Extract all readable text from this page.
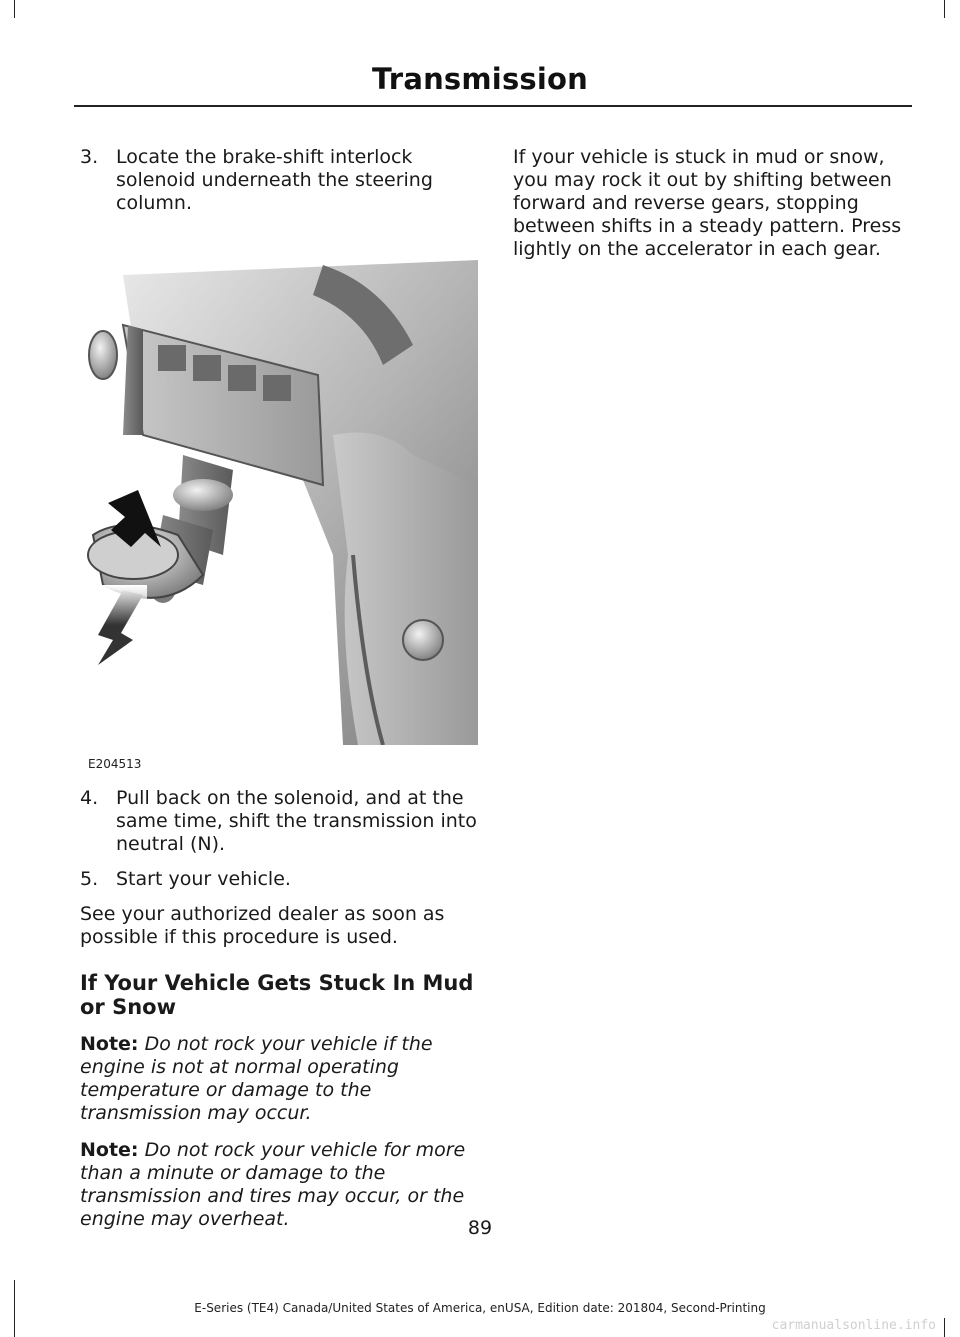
Transmission
3. Locate the brake-shift interlock solenoid underneath the steering column.
E204513
4. Pull back on the solenoid, and at the same time, shift the transmission into neutral (N).
5. Start your vehicle.

See your authorized dealer as soon as possible if this procedure is used.

If Your Vehicle Gets Stuck In Mud or Snow
Note: Do not rock your vehicle if the engine is not at normal operating temperature or damage to the transmission may occur.
Note: Do not rock your vehicle for more than a minute or damage to the transmission and tires may occur, or the engine may overheat.

If your vehicle is stuck in mud or snow, you may rock it out by shifting between forward and reverse gears, stopping between shifts in a steady pattern. Press lightly on the accelerator in each gear.

89
E-Series (TE4) Canada/United States of America, enUSA, Edition date: 201804, Second-Printing
carmanualsonline.info
